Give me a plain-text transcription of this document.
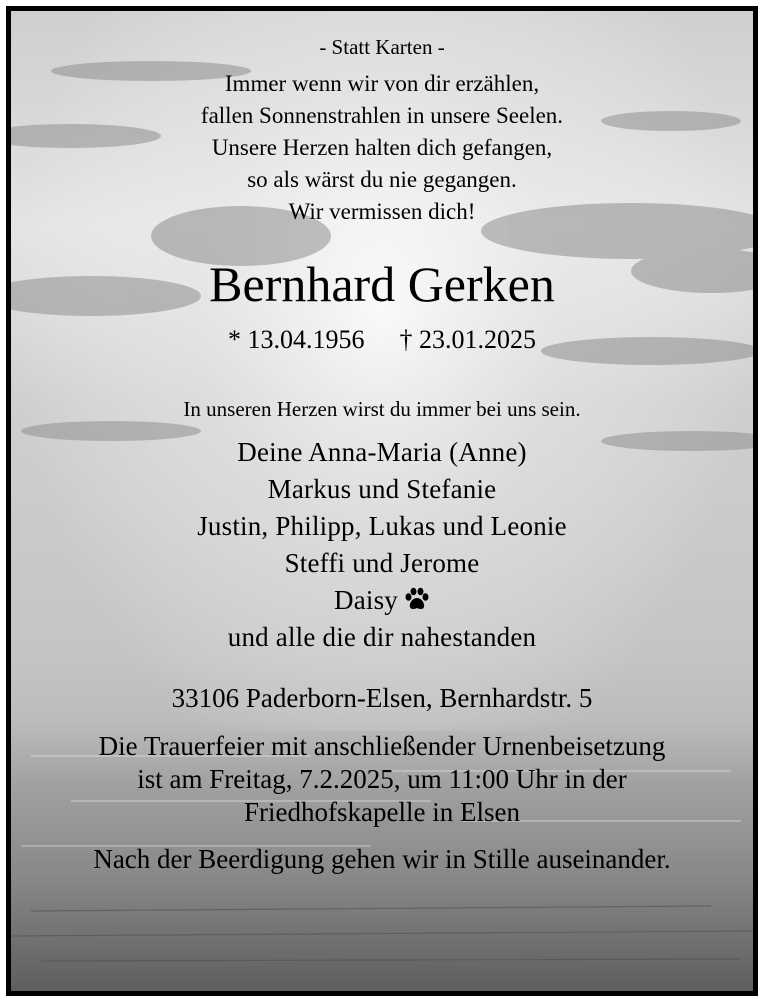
- Statt Karten -
Immer wenn wir von dir erzählen,
fallen Sonnenstrahlen in unsere Seelen.
Unsere Herzen halten dich gefangen,
so als wärst du nie gegangen.
Wir vermissen dich!
Bernhard Gerken
* 13.04.1956 † 23.01.2025
In unseren Herzen wirst du immer bei uns sein.
Deine Anna-Maria (Anne)
Markus und Stefanie
Justin, Philipp, Lukas und Leonie
Steffi und Jerome
Daisy
und alle die dir nahestanden
33106 Paderborn-Elsen, Bernhardstr. 5
Die Trauerfeier mit anschließender Urnenbeisetzung
ist am Freitag, 7.2.2025, um 11:00 Uhr in der
Friedhofskapelle in Elsen
Nach der Beerdigung gehen wir in Stille auseinander.
